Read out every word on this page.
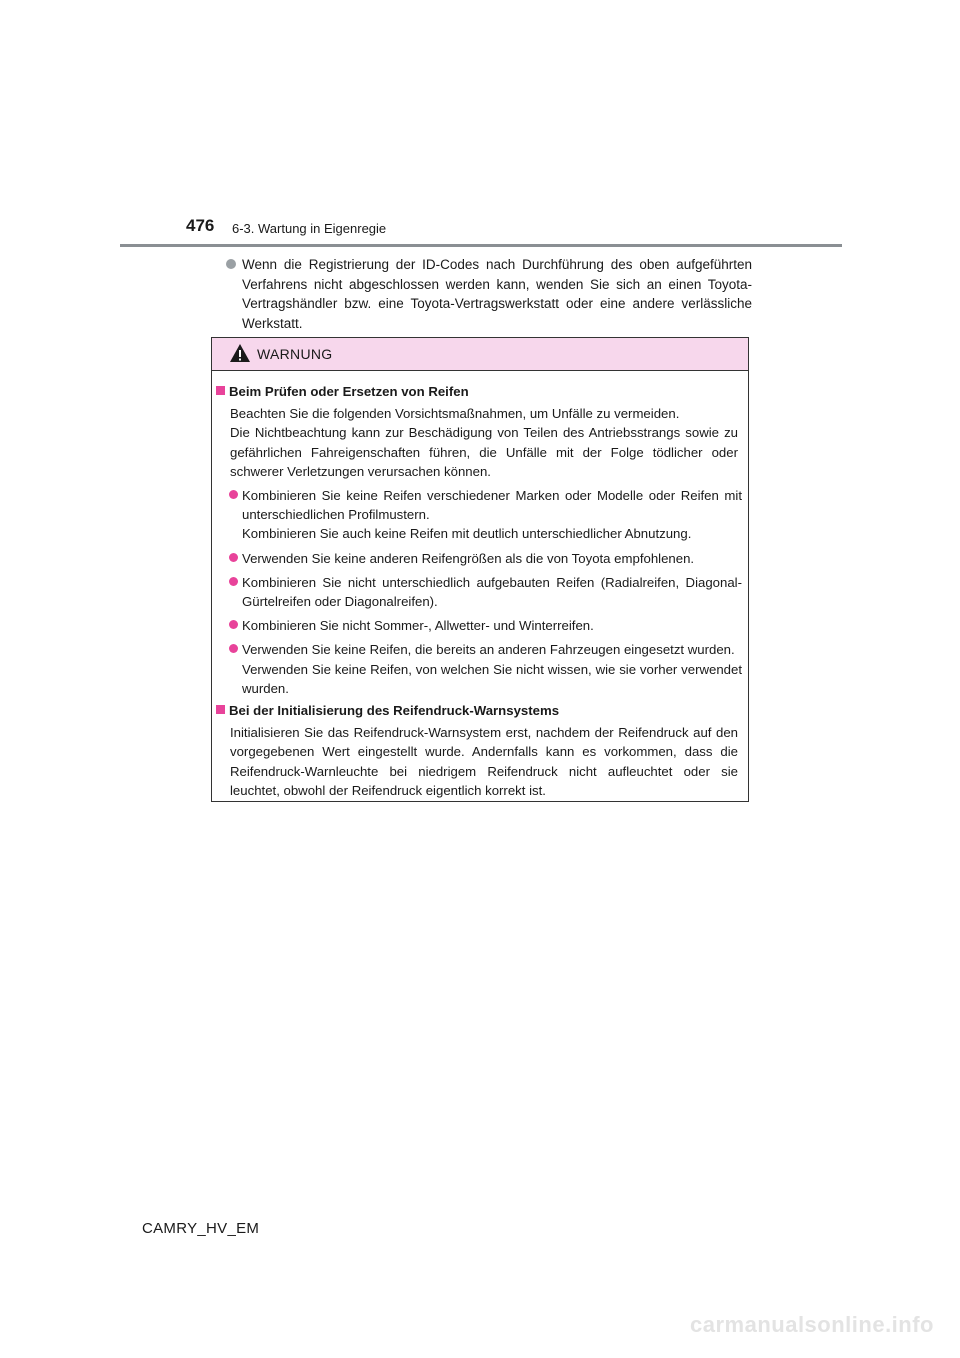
476 6-3. Wartung in Eigenregie
Wenn die Registrierung der ID-Codes nach Durchführung des oben aufgeführten Verfahrens nicht abgeschlossen werden kann, wenden Sie sich an einen Toyota-Vertragshändler bzw. eine Toyota-Vertragswerkstatt oder eine andere verlässliche Werkstatt.
WARNUNG
Beim Prüfen oder Ersetzen von Reifen
Beachten Sie die folgenden Vorsichtsmaßnahmen, um Unfälle zu vermeiden.
Die Nichtbeachtung kann zur Beschädigung von Teilen des Antriebsstrangs sowie zu gefährlichen Fahreigenschaften führen, die Unfälle mit der Folge tödlicher oder schwerer Verletzungen verursachen können.
Kombinieren Sie keine Reifen verschiedener Marken oder Modelle oder Reifen mit unterschiedlichen Profilmustern.
Kombinieren Sie auch keine Reifen mit deutlich unterschiedlicher Abnutzung.
Verwenden Sie keine anderen Reifengrößen als die von Toyota empfohlenen.
Kombinieren Sie nicht unterschiedlich aufgebauten Reifen (Radialreifen, Diagonal-Gürtelreifen oder Diagonalreifen).
Kombinieren Sie nicht Sommer-, Allwetter- und Winterreifen.
Verwenden Sie keine Reifen, die bereits an anderen Fahrzeugen eingesetzt wurden.
Verwenden Sie keine Reifen, von welchen Sie nicht wissen, wie sie vorher verwendet wurden.
Bei der Initialisierung des Reifendruck-Warnsystems
Initialisieren Sie das Reifendruck-Warnsystem erst, nachdem der Reifendruck auf den vorgegebenen Wert eingestellt wurde. Andernfalls kann es vorkommen, dass die Reifendruck-Warnleuchte bei niedrigem Reifendruck nicht aufleuchtet oder sie leuchtet, obwohl der Reifendruck eigentlich korrekt ist.
CAMRY_HV_EM
carmanualsonline.info
